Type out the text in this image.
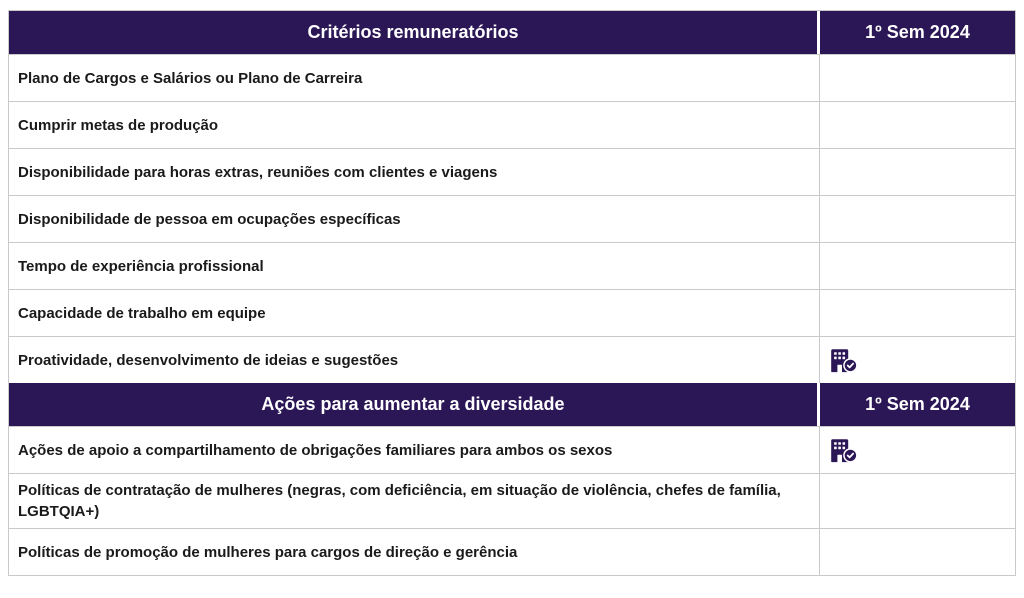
Critérios remuneratórios	1º Sem 2024
Plano de Cargos e Salários ou Plano de Carreira
Cumprir metas de produção
Disponibilidade para horas extras, reuniões com clientes e viagens
Disponibilidade de pessoa em ocupações específicas
Tempo de experiência profissional
Capacidade de trabalho em equipe
Proatividade, desenvolvimento de ideias e sugestões
Ações para aumentar a diversidade	1º Sem 2024
Ações de apoio a compartilhamento de obrigações familiares para ambos os sexos
Políticas de contratação de mulheres (negras, com deficiência, em situação de violência, chefes de família, LGBTQIA+)
Políticas de promoção de mulheres para cargos de direção e gerência
